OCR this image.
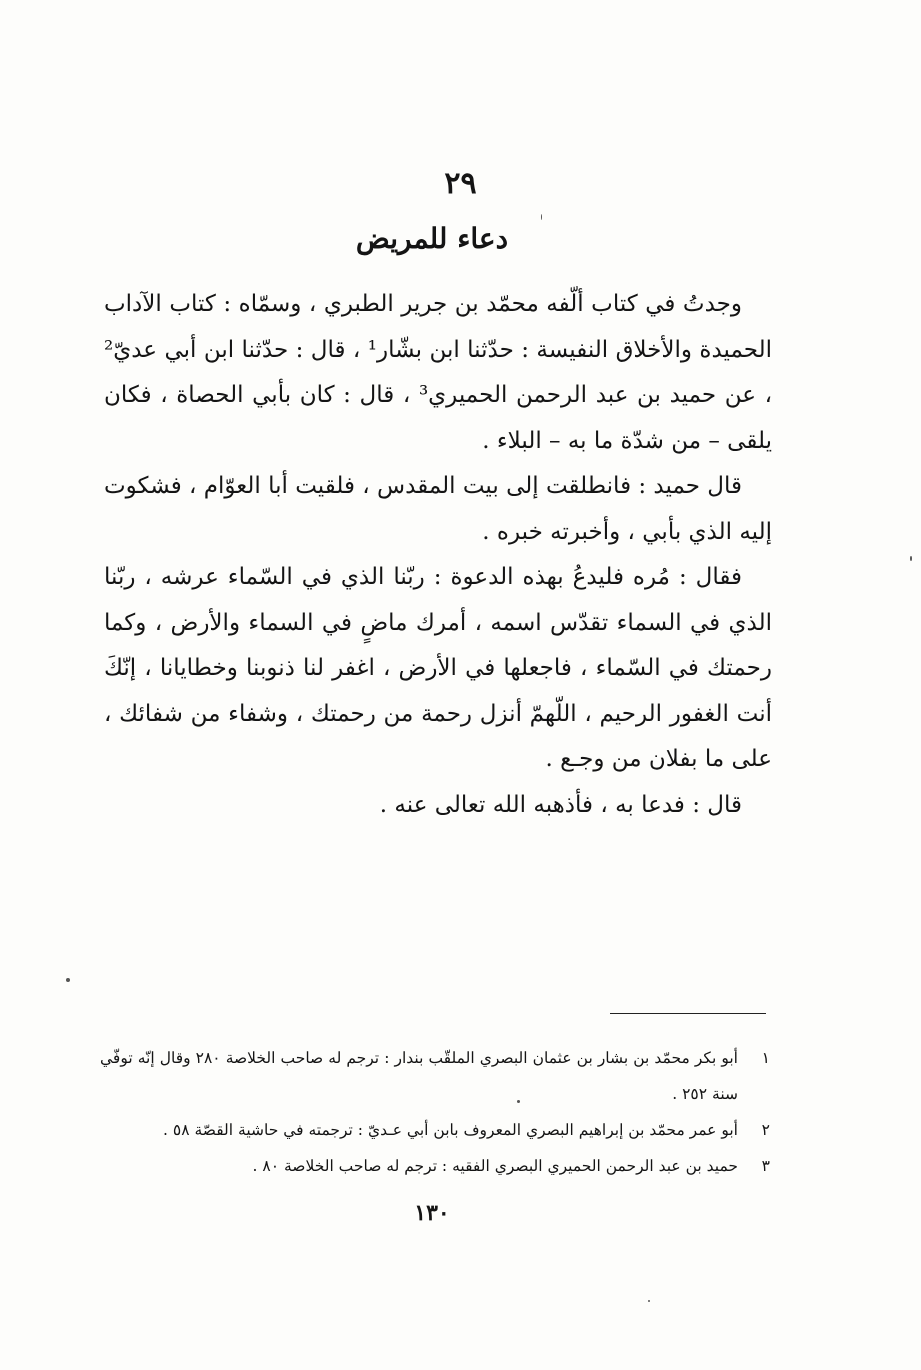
٢٩
دعاء للمريض

وجدتُ في كتاب ألّفه محمّد بن جرير الطبري ، وسمّاه : كتاب الآداب الحميدة والأخلاق النفيسة : حدّثنا ابن بشّار¹ ، قال : حدّثنا ابن أبي عديّ² ، عن حميد بن عبد الرحمن الحميري³ ، قال : كان بأبي الحصاة ، فكان يلقى – من شدّة ما به – البلاء .

قال حميد : فانطلقت إلى بيت المقدس ، فلقيت أبا العوّام ، فشكوت إليه الذي بأبي ، وأخبرته خبره .

فقال : مُره فليدعُ بهذه الدعوة : ربّنا الذي في السّماء عرشه ، ربّنا الذي في السماء تقدّس اسمه ، أمرك ماضٍ في السماء والأرض ، وكما رحمتك في السّماء ، فاجعلها في الأرض ، اغفر لنا ذنوبنا وخطايانا ، إنّكَ أنت الغفور الرحيم ، اللّهمّ أنزل رحمة من رحمتك ، وشفاء من شفائك ، على ما بفلان من وجـع .

قال : فدعا به ، فأذهبه الله تعالى عنه .

١
أبو بكر محمّد بن بشار بن عثمان البصري الملقّب بندار : ترجم له صاحب الخلاصة ٢٨٠ وقال إنّه توفّي سنة ٢٥٢ .
٢
أبو عمر محمّد بن إبراهيم البصري المعروف بابن أبي عـديّ : ترجمته في حاشية القصّة ٥٨ .
٣
حميد بن عبد الرحمن الحميري البصري الفقيه : ترجم له صاحب الخلاصة ٨٠ .
١٣٠
